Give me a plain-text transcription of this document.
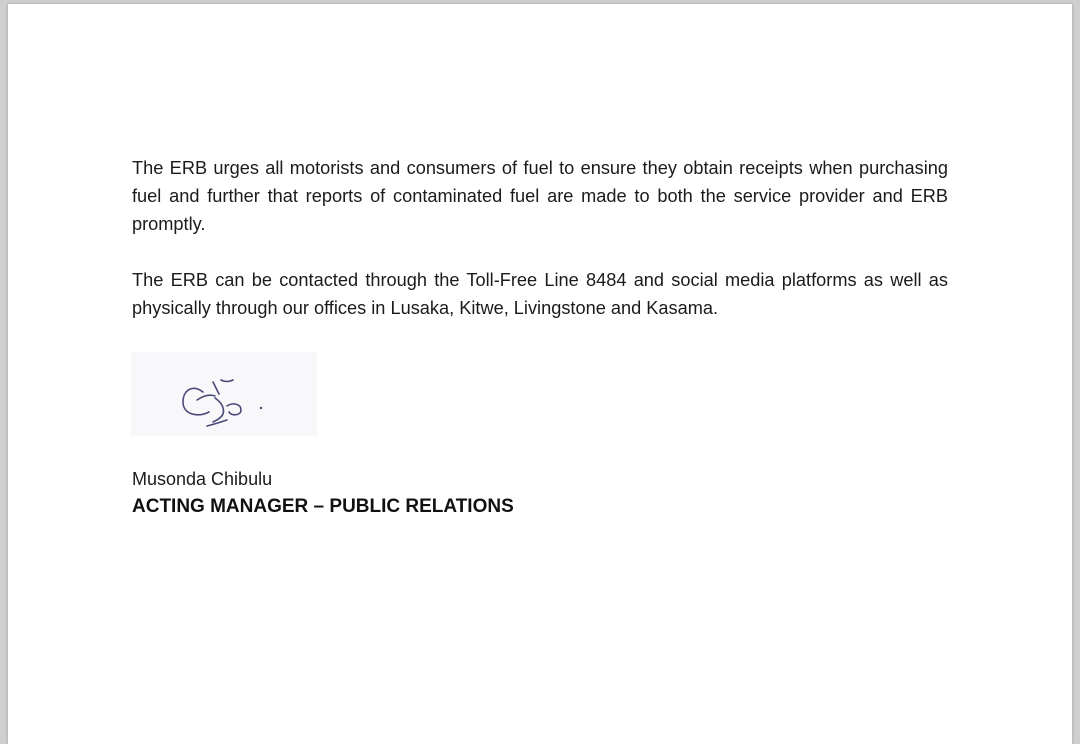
The ERB urges all motorists and consumers of fuel to ensure they obtain receipts when purchasing fuel and further that reports of contaminated fuel are made to both the service provider and ERB promptly.

The ERB can be contacted through the Toll-Free Line 8484 and social media platforms as well as physically through our offices in Lusaka, Kitwe, Livingstone and Kasama.

Musonda Chibulu
ACTING MANAGER – PUBLIC RELATIONS
